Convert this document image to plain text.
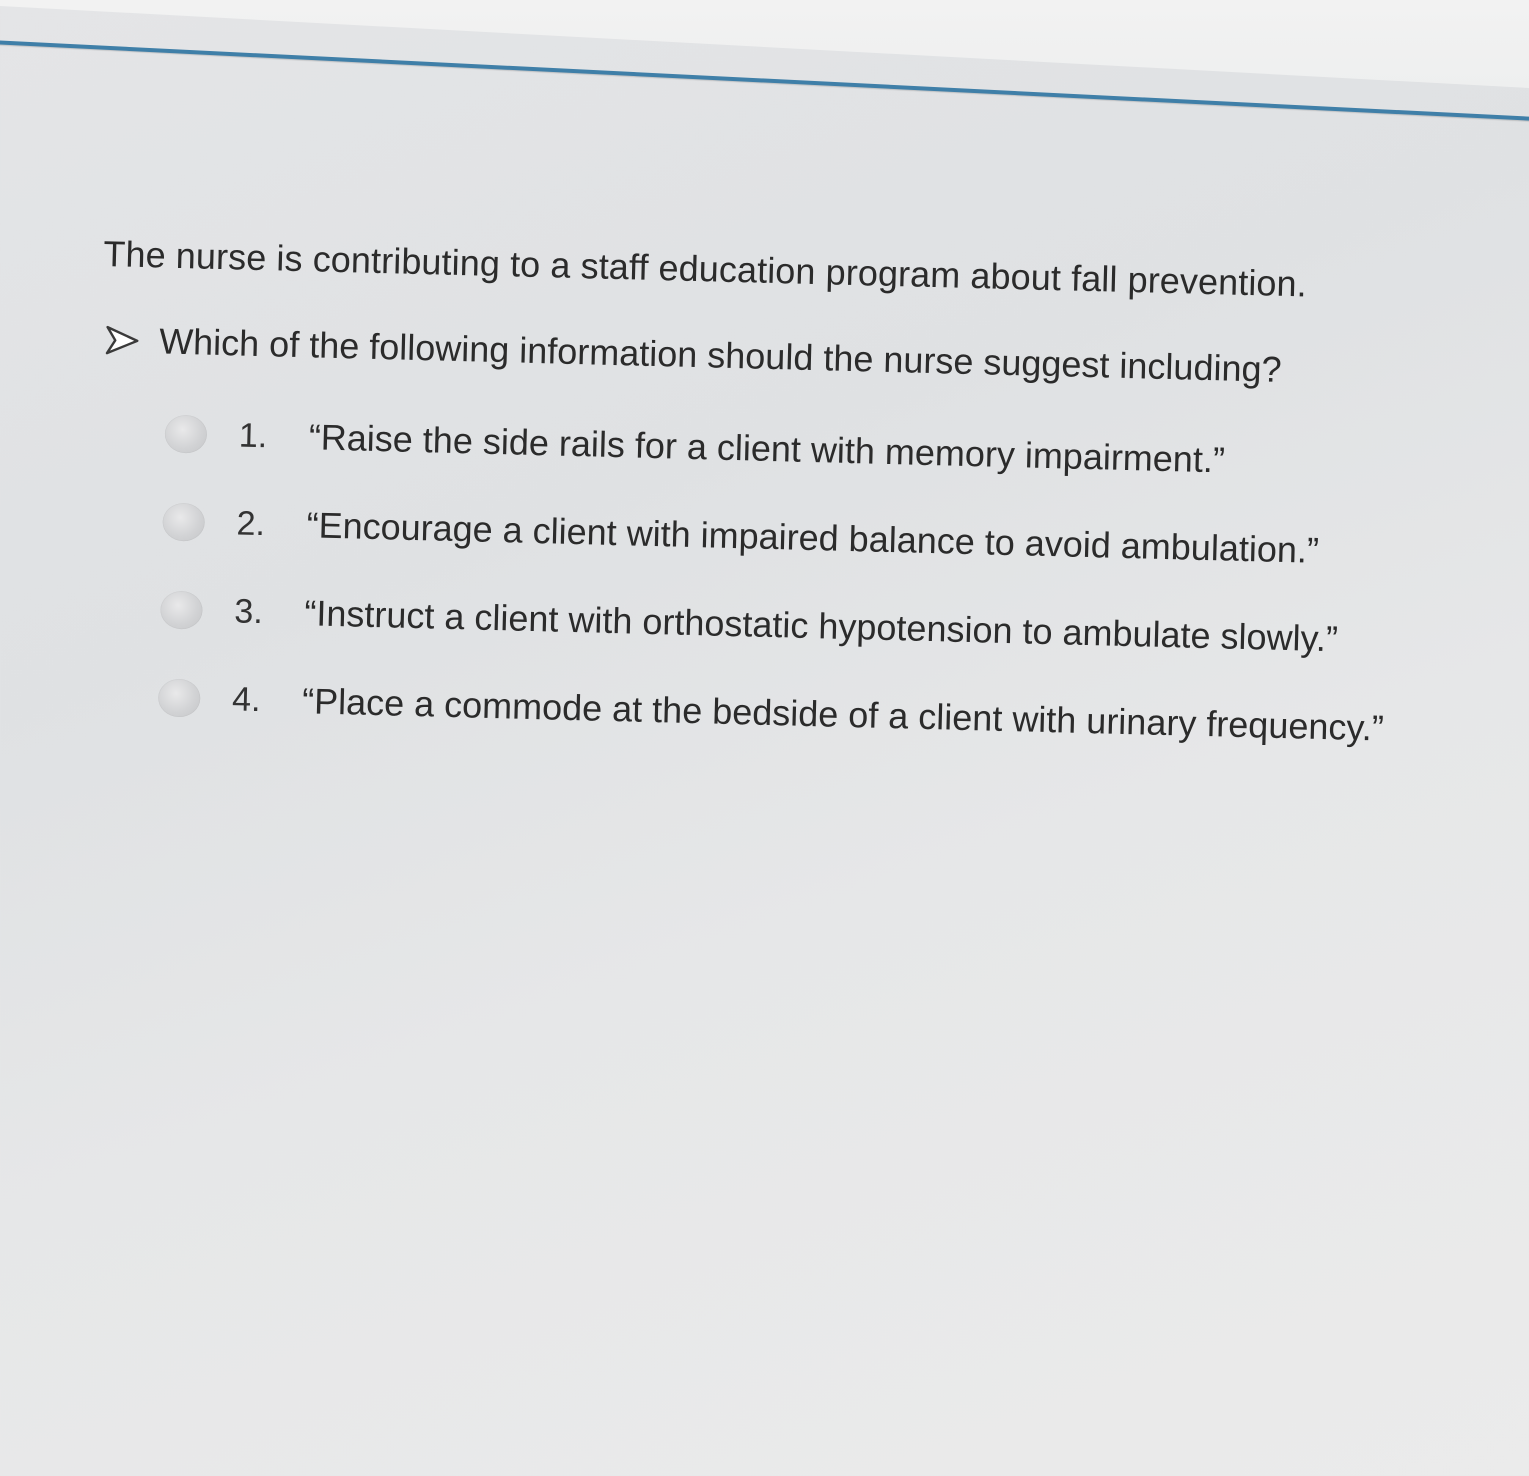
The nurse is contributing to a staff education program about fall prevention.

Which of the following information should the nurse suggest including?
1.	“Raise the side rails for a client with memory impairment.”
2.	“Encourage a client with impaired balance to avoid ambulation.”
3.	“Instruct a client with orthostatic hypotension to ambulate slowly.”
4.	“Place a commode at the bedside of a client with urinary frequency.”
